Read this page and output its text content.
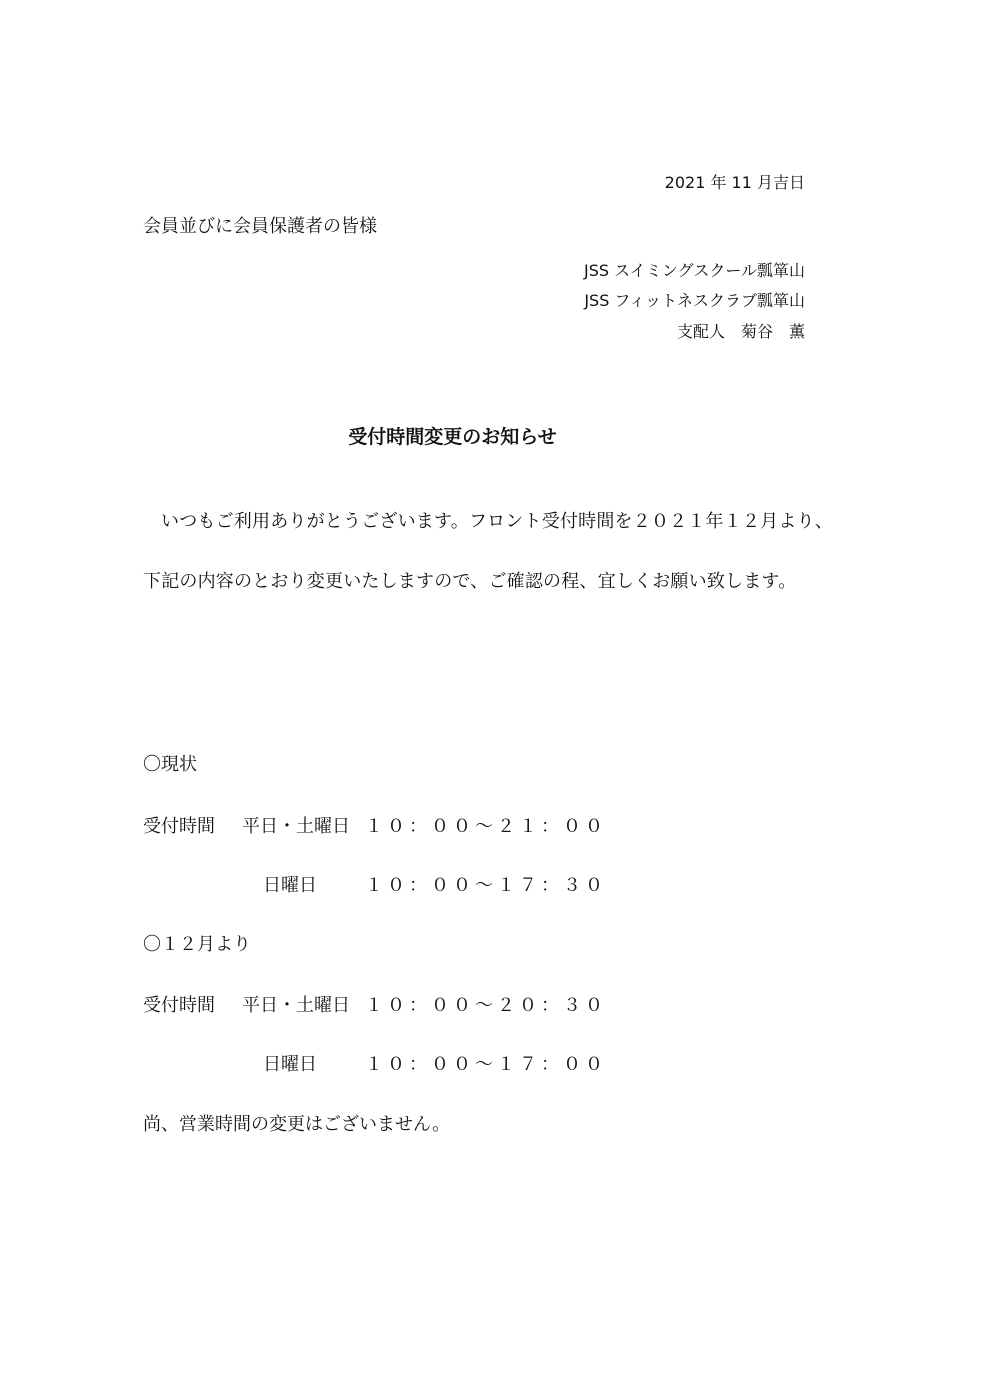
2021 年 11 月吉日
会員並びに会員保護者の皆様
JSS スイミングスクール瓢箪山
JSS フィットネスクラブ瓢箪山
支配人　菊谷　薫
受付時間変更のお知らせ
いつもご利用ありがとうございます。フロント受付時間を２０２１年１２月より、下記の内容のとおり変更いたしますので、ご確認の程、宜しくお願い致します。
〇現状
受付時間 平日・土曜日 １０：００～２１：００
日曜日	１０：００～１７：３０
〇１２月より
受付時間 平日・土曜日 １０：００～２０：３０
日曜日	１０：００～１７：００
尚、営業時間の変更はございません。
